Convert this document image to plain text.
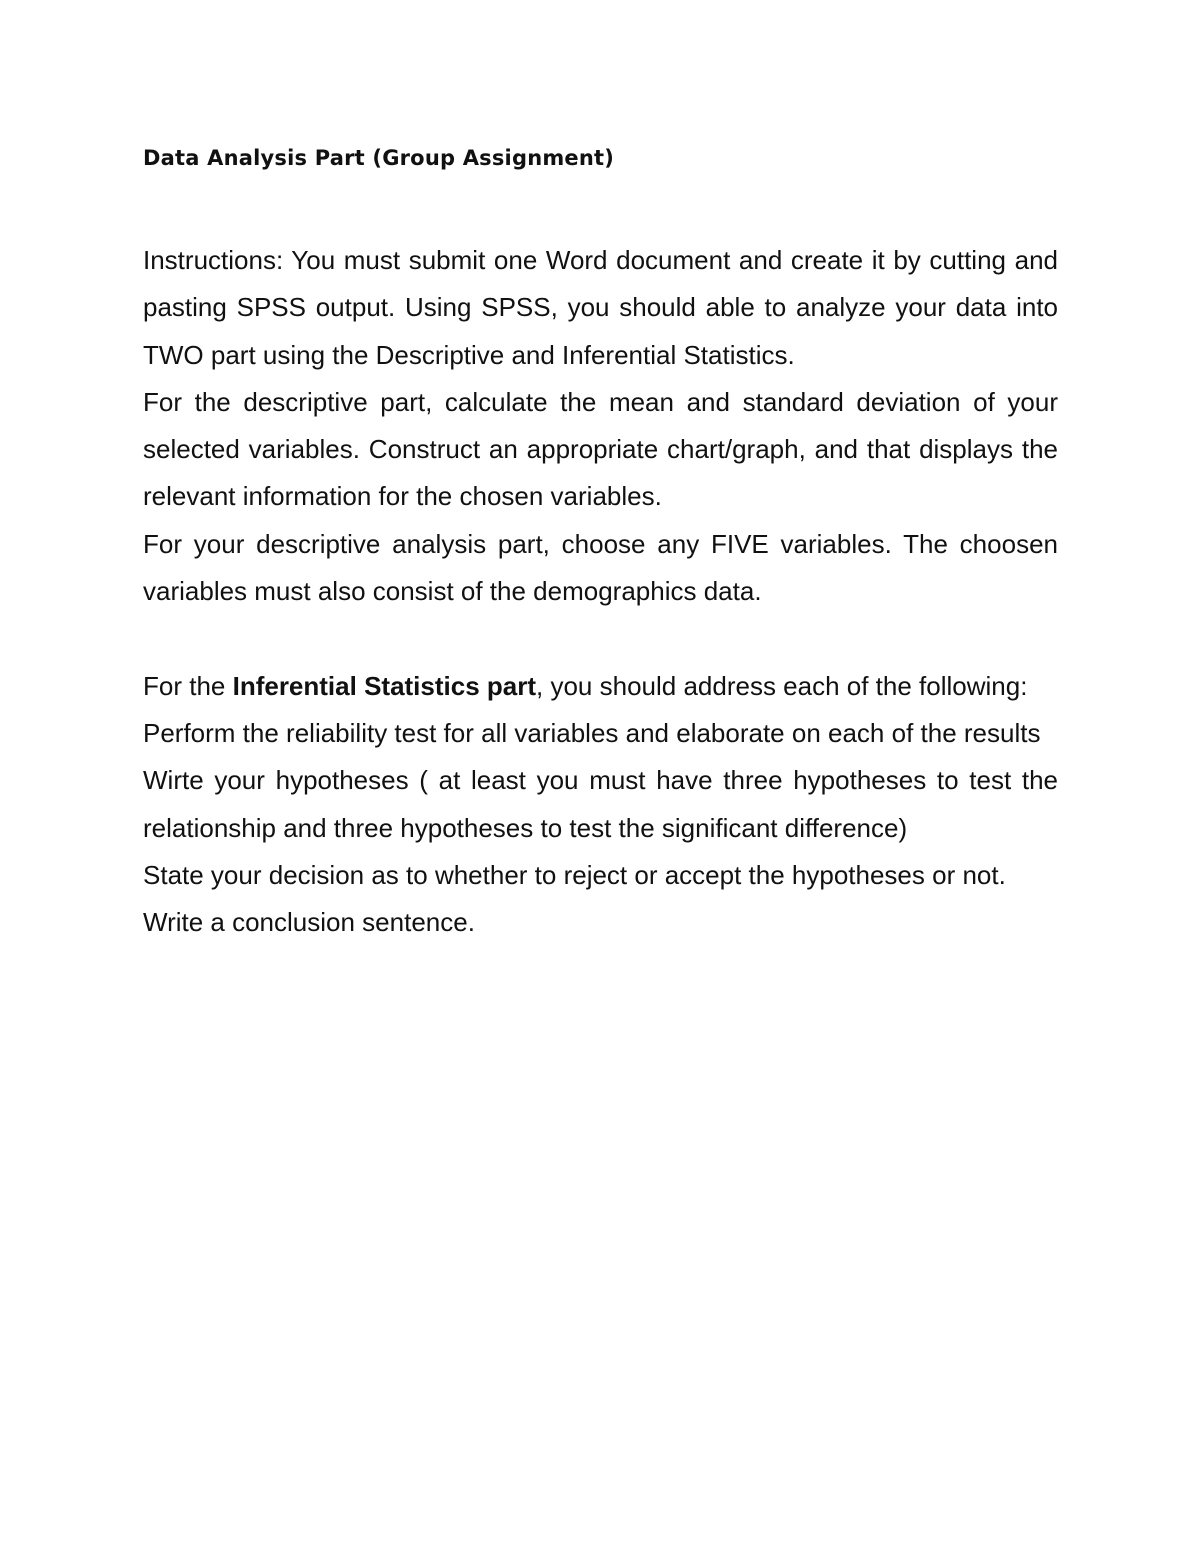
Data Analysis Part (Group Assignment)

Instructions: You must submit one Word document and create it by cutting and pasting SPSS output. Using SPSS, you should able to analyze your data into TWO part using the Descriptive and Inferential Statistics.

For the descriptive part, calculate the mean and standard deviation of your selected variables. Construct an appropriate chart/graph, and that displays the relevant information for the chosen variables.

For your descriptive analysis part, choose any FIVE variables. The choosen variables must also consist of the demographics data.

For the Inferential Statistics part, you should address each of the following:

Perform the reliability test for all variables and elaborate on each of the results

Wirte your hypotheses ( at least you must have three hypotheses to test the relationship and three hypotheses to test the significant difference)

State your decision as to whether to reject or accept the hypotheses or not.

Write a conclusion sentence.
